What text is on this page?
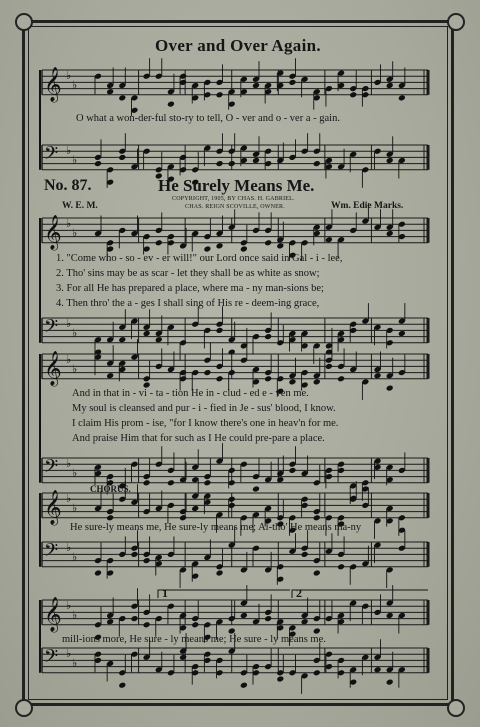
𝄞 ♭
♭
𝄢 ♭
♭
𝄞 ♭
♭
𝄢 ♭
♭
𝄞 ♭
♭
𝄢 ♭
♭
𝄞 ♭
♭
𝄢 ♭
♭
𝄞 ♭
♭
𝄢 ♭
♭
Over and Over Again.
O what a won-der-ful sto-ry to tell, O - ver and o - ver a - gain.
No. 87.	He Surely Means Me.
COPYRIGHT, 1905, BY CHAS. H. GABRIEL.
CHAS. REIGN SCOVILLE, OWNER.
W. E. M.	Wm. Edie Marks.
1. "Come who - so - ev - er will!" our Lord once said in Gal - i - lee,
2. Tho' sins may be as scar - let they shall be as white as snow;
3. For all He has prepared a place, where ma - ny man-sions be;
4. Then thro' the a - ges I shall sing of His re - deem-ing grace,
And in that in - vi - ta - tion He in - clud - ed e - ven me.
My soul is cleansed and pur - i - fied in Je - sus' blood, I know.
I claim His prom - ise, "for I know there's one in heav'n for me.
And praise Him that for such as I He could pre-pare a place.
CHORUS.
He sure-ly means me, He sure-ly means me; Al-tho' He means ma-ny
mill-ions more, He sure - ly means me; He sure - ly means me.
1	2
